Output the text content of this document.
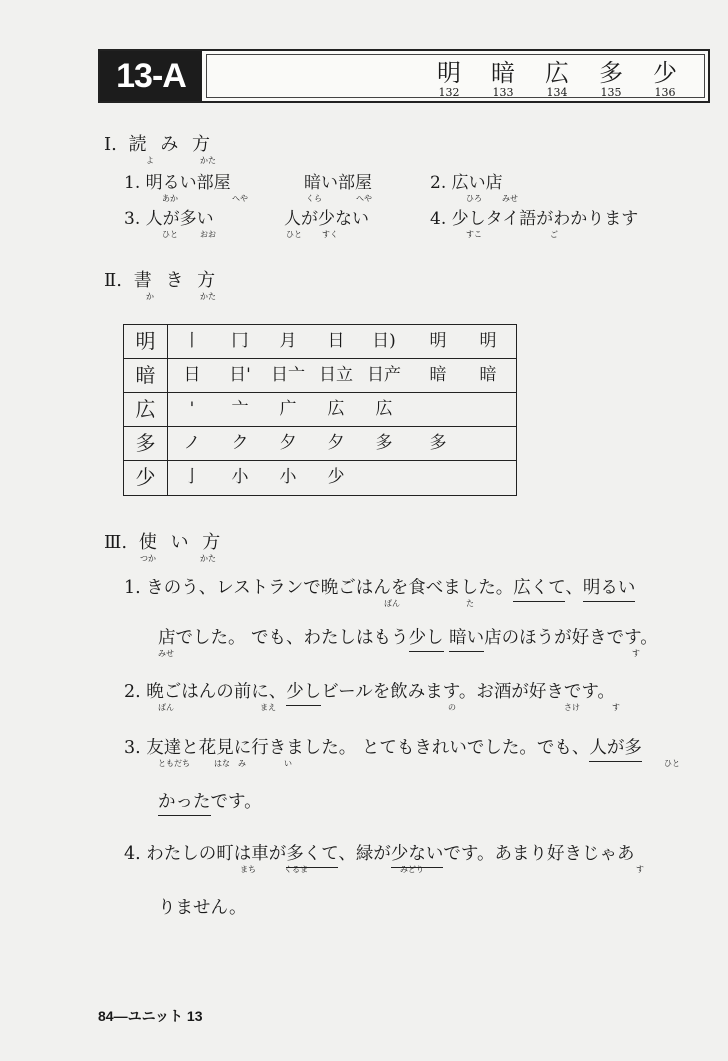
13-A	明
132
暗
133
広
134
多
135
少
136
Ⅰ. 読 み 方
よ	かた
1. 明るい部屋
あか	へや
暗い部屋
くら	へや
2. 広い店
ひろ	みせ
3. 人が多い
ひと	おお
人が少ない
ひと	すく
4. 少しタイ語がわかります
すこ	ご
Ⅱ. 書 き 方
か	かた
明	丨	冂	月	日	日)	明	明
暗	日	日'	日亠 日立 日产	暗	暗
広	'	亠	广	広	広
多	ノ	ク	夕	夕	多	多
少	亅	小	小	少
Ⅲ. 使 い 方
つか	かた
1. きのう、レストランで晩ごはんを食べました。広くて、明るい
ばん	た
店でした。 でも、わたしはもう少し 暗い店のほうが好きです。
みせ	す
2. 晩ごはんの前に、少しビールを飲みます。お酒が好きです。
ばん	まえ	の	さけ	す
3. 友達と花見に行きました。 とてもきれいでした。でも、人が多
ともだち	はな　み	い	ひと
かったです。
4. わたしの町は車が多くて、緑が少ないです。あまり好きじゃあ
まち	くるま	みどり	す
りません。
84—ユニット 13
